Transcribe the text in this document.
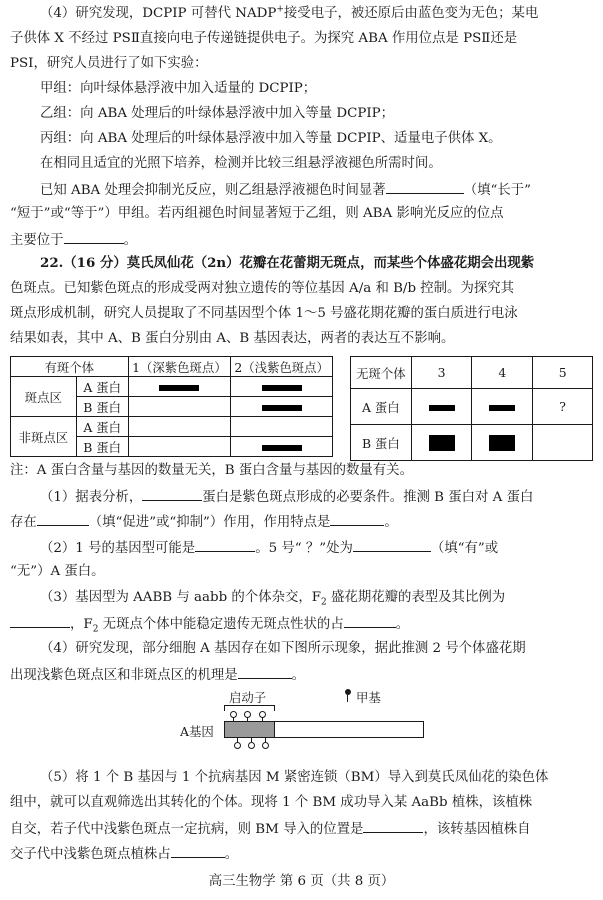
（4）研究发现，DCPIP 可替代 NADP+接受电子，被还原后由蓝色变为无色；某电
子供体 X 不经过 PSⅡ直接向电子传递链提供电子。为探究 ABA 作用位点是 PSⅡ还是
PSⅠ，研究人员进行了如下实验：
甲组：向叶绿体悬浮液中加入适量的 DCPIP；
乙组：向 ABA 处理后的叶绿体悬浮液中加入等量 DCPIP；
丙组：向 ABA 处理后的叶绿体悬浮液中加入等量 DCPIP、适量电子供体 X。
在相同且适宜的光照下培养，检测并比较三组悬浮液褪色所需时间。
已知 ABA 处理会抑制光反应，则乙组悬浮液褪色时间显著	（填“长于”
“短于”或“等于”）甲组。若丙组褪色时间显著短于乙组，则 ABA 影响光反应的位点
主要位于	。
22.（16 分）莫氏凤仙花（2n）花瓣在花蕾期无斑点，而某些个体盛花期会出现紫
色斑点。已知紫色斑点的形成受两对独立遗传的等位基因 A/a 和 B/b 控制。为探究其
斑点形成机制，研究人员提取了不同基因型个体 1～5 号盛花期花瓣的蛋白质进行电泳
结果如表，其中 A、B 蛋白分别由 A、B 基因表达，两者的表达互不影响。
有斑个体		1（深紫色斑点）	2（浅紫色斑点）
斑点区	A 蛋白		
	B 蛋白		
非斑点区	A 蛋白		
	B 蛋白		
无斑个体	3	4	5
A 蛋白			?
B 蛋白			
注：A 蛋白含量与基因的数量无关，B 蛋白含量与基因的数量有关。
（1）据表分析，	蛋白是紫色斑点形成的必要条件。推测 B 蛋白对 A 蛋白
存在	（填“促进”或“抑制”）作用，作用特点是	。
（2）1 号的基因型可能是	。5 号“ ？”处为	（填“有”或
“无”）A 蛋白。
（3）基因型为 AABB 与 aabb 的个体杂交，$F_2$ 盛花期花瓣的表型及其比例为
，$F_2$ 无斑点个体中能稳定遗传无斑点性状的占	。
（4）研究发现，部分细胞 A 基因存在如下图所示现象，据此推测 2 号个体盛花期
出现浅紫色斑点区和非斑点区的机理是	。
启动子	甲基
A基因
（5）将 1 个 B 基因与 1 个抗病基因 M 紧密连锁（BM）导入到莫氏凤仙花的染色体
组中，就可以直观筛选出其转化的个体。现将 1 个 BM 成功导入某 AaBb 植株，该植株
自交，若子代中浅紫色斑点一定抗病，则 BM 导入的位置是	，该转基因植株自
交子代中浅紫色斑点植株占	。
高三生物学 第 6 页（共 8 页）
